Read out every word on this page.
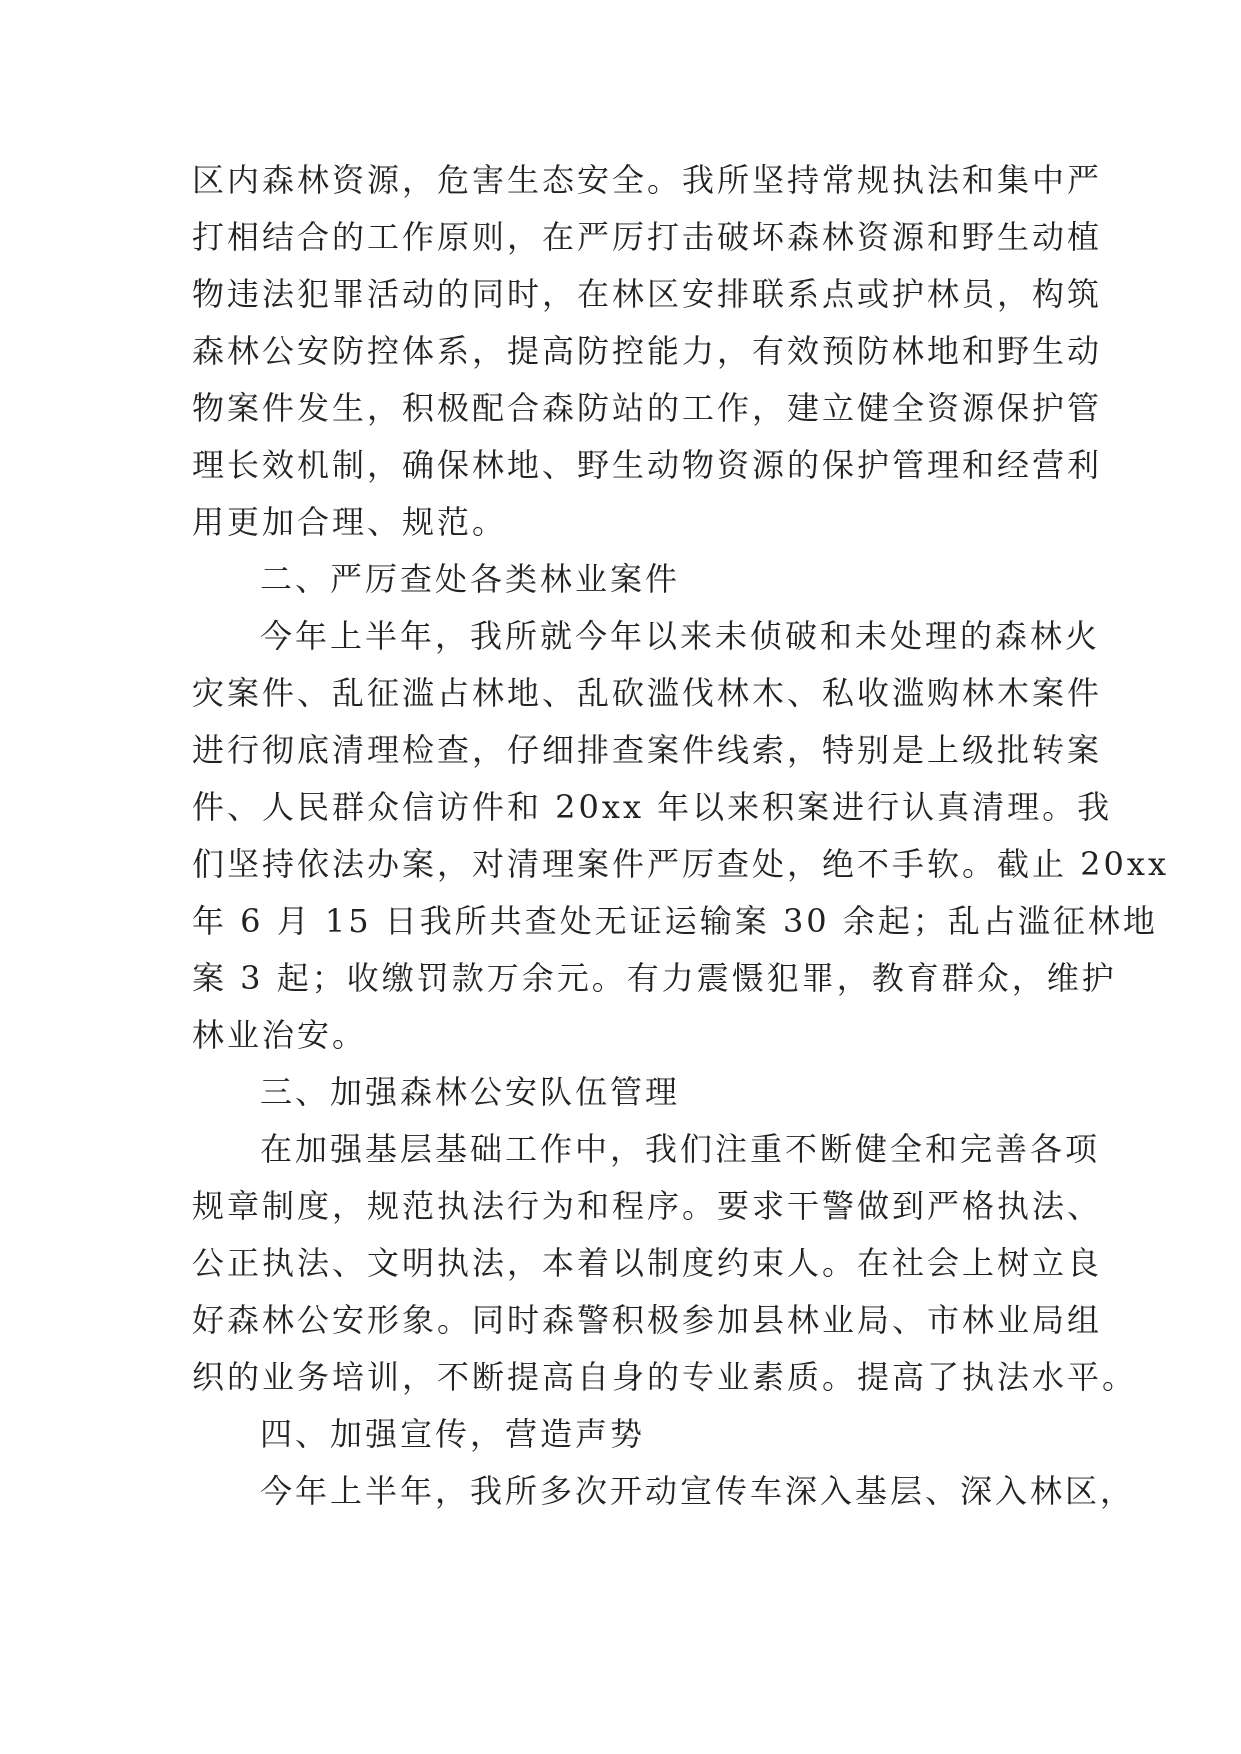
区内森林资源，危害生态安全。我所坚持常规执法和集中严
打相结合的工作原则，在严厉打击破坏森林资源和野生动植
物违法犯罪活动的同时，在林区安排联系点或护林员，构筑
森林公安防控体系，提高防控能力，有效预防林地和野生动
物案件发生，积极配合森防站的工作，建立健全资源保护管
理长效机制，确保林地、野生动物资源的保护管理和经营利
用更加合理、规范。
二、严厉查处各类林业案件
今年上半年，我所就今年以来未侦破和未处理的森林火
灾案件、乱征滥占林地、乱砍滥伐林木、私收滥购林木案件
进行彻底清理检查，仔细排查案件线索，特别是上级批转案
件、人民群众信访件和 20xx 年以来积案进行认真清理。我
们坚持依法办案，对清理案件严厉查处，绝不手软。截止 20xx
年 6 月 15 日我所共查处无证运输案 30 余起；乱占滥征林地
案 3 起；收缴罚款万余元。有力震慑犯罪，教育群众，维护
林业治安。
三、加强森林公安队伍管理
在加强基层基础工作中，我们注重不断健全和完善各项
规章制度，规范执法行为和程序。要求干警做到严格执法、
公正执法、文明执法，本着以制度约束人。在社会上树立良
好森林公安形象。同时森警积极参加县林业局、市林业局组
织的业务培训，不断提高自身的专业素质。提高了执法水平。
四、加强宣传，营造声势
今年上半年，我所多次开动宣传车深入基层、深入林区，
